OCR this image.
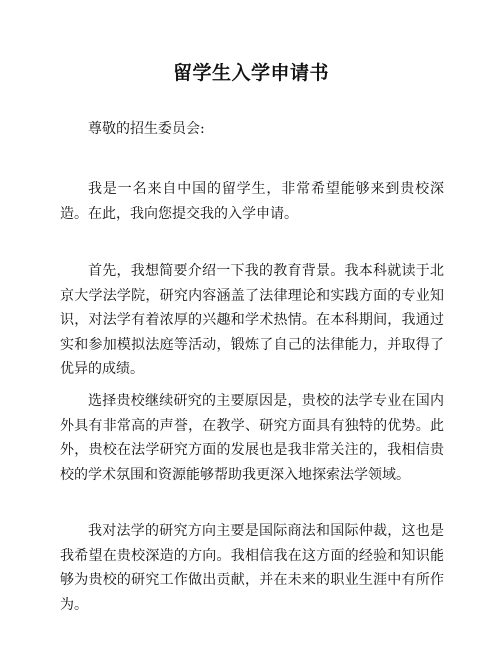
留学生入学申请书
尊敬的招生委员会:

我是一名来自中国的留学生，非常希望能够来到贵校深造。在此，我向您提交我的入学申请。

首先，我想简要介绍一下我的教育背景。我本科就读于北京大学法学院，研究内容涵盖了法律理论和实践方面的专业知识，对法学有着浓厚的兴趣和学术热情。在本科期间，我通过实和参加模拟法庭等活动，锻炼了自己的法律能力，并取得了优异的成绩。

选择贵校继续研究的主要原因是，贵校的法学专业在国内外具有非常高的声誉，在教学、研究方面具有独特的优势。此外，贵校在法学研究方面的发展也是我非常关注的，我相信贵校的学术氛围和资源能够帮助我更深入地探索法学领域。

我对法学的研究方向主要是国际商法和国际仲裁，这也是我希望在贵校深造的方向。我相信我在这方面的经验和知识能够为贵校的研究工作做出贡献，并在未来的职业生涯中有所作为。
